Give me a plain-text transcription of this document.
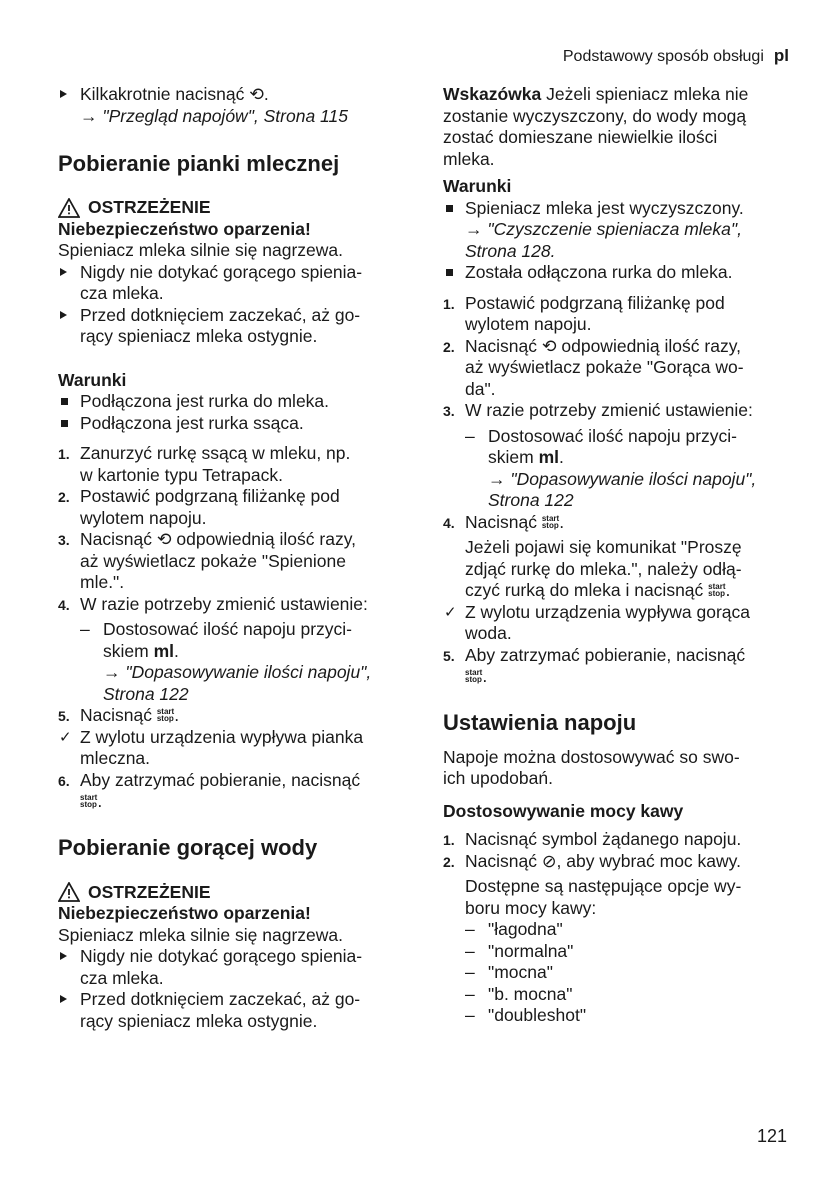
Podstawowy sposób obsługi pl
Kilkakrotnie nacisnąć ⟲.
→ "Przegląd napojów", Strona 115
Pobieranie pianki mlecznej
OSTRZEŻENIE

Niebezpieczeństwo oparzenia!

Spieniacz mleka silnie się nagrzewa.

Nigdy nie dotykać gorącego spienia-
cza mleka.
Przed dotknięciem zaczekać, aż go-
rący spieniacz mleka ostygnie.

Warunki

Podłączona jest rurka do mleka.
Podłączona jest rurka ssąca.
1. Zanurzyć rurkę ssącą w mleku, np.
w kartonie typu Tetrapack.
2. Postawić podgrzaną filiżankę pod
wylotem napoju.
3. Nacisnąć ⟲ odpowiednią ilość razy,
aż wyświetlacz pokaże "Spienione
mle.".
4. W razie potrzeby zmienić ustawienie:
– Dostosować ilość napoju przyci-
skiem ml.
→ "Dopasowywanie ilości napoju",
Strona 122
5. Nacisnąć start
stop.
✓ Z wylotu urządzenia wypływa pianka
mleczna.
6. Aby zatrzymać pobieranie, nacisnąć
start
stop.
Pobieranie gorącej wody
OSTRZEŻENIE

Niebezpieczeństwo oparzenia!

Spieniacz mleka silnie się nagrzewa.

Nigdy nie dotykać gorącego spienia-
cza mleka.
Przed dotknięciem zaczekać, aż go-
rący spieniacz mleka ostygnie.

Wskazówka Jeżeli spieniacz mleka nie
zostanie wyczyszczony, do wody mogą
zostać domieszane niewielkie ilości
mleka.

Warunki

Spieniacz mleka jest wyczyszczony.
→ "Czyszczenie spieniacza mleka",
Strona 128.
Została odłączona rurka do mleka.
1. Postawić podgrzaną filiżankę pod
wylotem napoju.
2. Nacisnąć ⟲ odpowiednią ilość razy,
aż wyświetlacz pokaże "Gorąca wo-
da".
3. W razie potrzeby zmienić ustawienie:
– Dostosować ilość napoju przyci-
skiem ml.
→ "Dopasowywanie ilości napoju",
Strona 122
4. Nacisnąć start
stop.
Jeżeli pojawi się komunikat "Proszę
zdjąć rurkę do mleka.", należy odłą-
czyć rurką do mleka i nacisnąć start
stop.
✓ Z wylotu urządzenia wypływa gorąca
woda.
5. Aby zatrzymać pobieranie, nacisnąć
start
stop.
Ustawienia napoju

Napoje można dostosowywać so swo-
ich upodobań.

Dostosowywanie mocy kawy

1. Nacisnąć symbol żądanego napoju.
2. Nacisnąć ⊘, aby wybrać moc kawy.
Dostępne są następujące opcje wy-
boru mocy kawy:
– "łagodna"
– "normalna"
– "mocna"
– "b. mocna"
– "doubleshot"
121
